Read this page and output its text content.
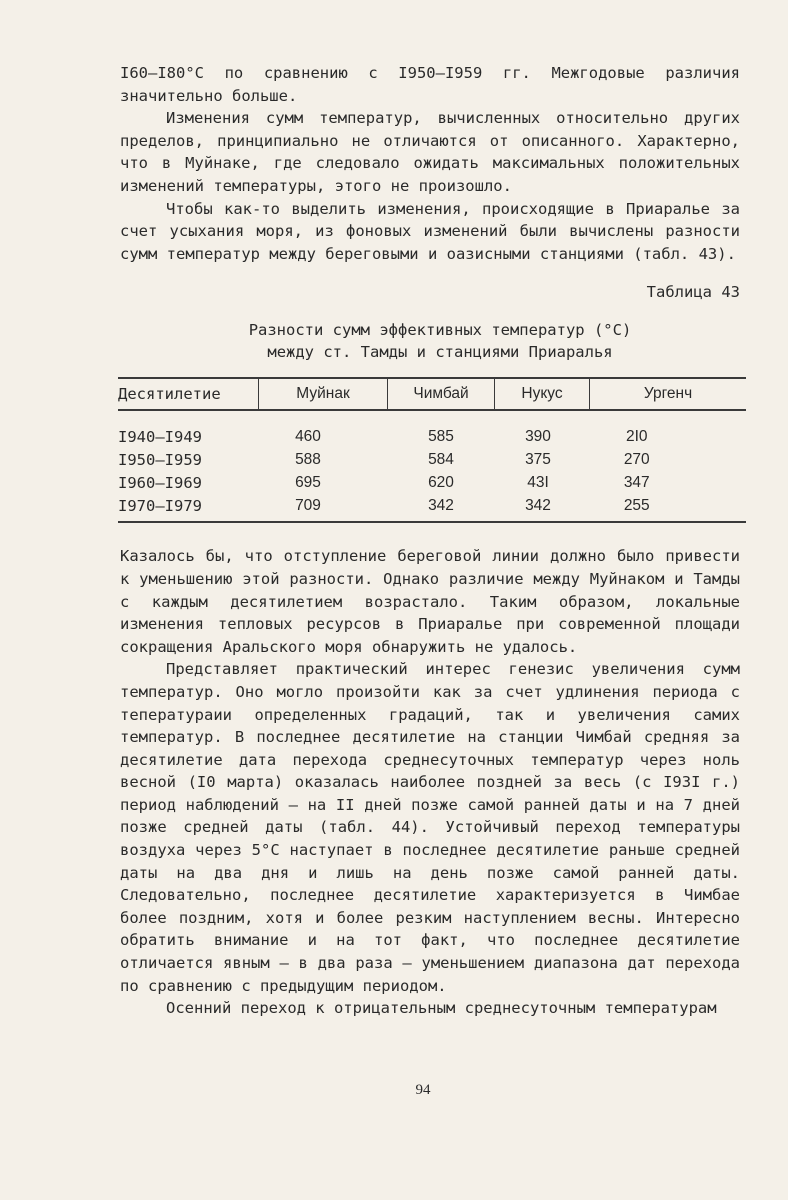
I60–I80°С по сравнению с I950–I959 гг. Межгодовые различия значительно больше.

Изменения сумм температур, вычисленных относительно других пределов, принципиально не отличаются от описанного. Характерно, что в Муйнаке, где следовало ожидать максимальных положительных изменений температуры, этого не произошло.

Чтобы как-то выделить изменения, происходящие в Приаралье за счет усыхания моря, из фоновых изменений были вычислены разности сумм температур между береговыми и оазисными станциями (табл. 43).

Таблица 43
Разности сумм эффективных температур (°С)
между ст. Тамды и станциями Приаралья
Десятилетие	Муйнак	Чимбай	Нукус	Ургенч

I940–I949	460	585	390	2I0
I950–I959	588	584	375	270
I960–I969	695	620	43I	347
I970–I979	709	342	342	255

Казалось бы, что отступление береговой линии должно было привести к уменьшению этой разности. Однако различие между Муйнаком и Тамды с каждым десятилетием возрастало. Таким образом, локальные изменения тепловых ресурсов в Приаралье при современной площади сокращения Аральского моря обнаружить не удалось.

Представляет практический интерес генезис увеличения сумм температур. Оно могло произойти как за счет удлинения периода с теператураии определенных градаций, так и увеличения самих температур. В последнее десятилетие на станции Чимбай средняя за десятилетие дата перехода среднесуточных температур через ноль весной (I0 марта) оказалась наиболее поздней за весь (с I93I г.) период наблюдений – на II дней позже самой ранней даты и на 7 дней позже средней даты (табл. 44). Устойчивый переход температуры воздуха через 5°С наступает в последнее десятилетие раньше средней даты на два дня и лишь на день позже самой ранней даты. Следовательно, последнее десятилетие характеризуется в Чимбае более поздним, хотя и более резким наступлением весны. Интересно обратить внимание и на тот факт, что последнее десятилетие отличается явным – в два раза – уменьшением диапазона дат перехода по сравнению с предыдущим периодом.

Осенний переход к отрицательным среднесуточным температурам

94
